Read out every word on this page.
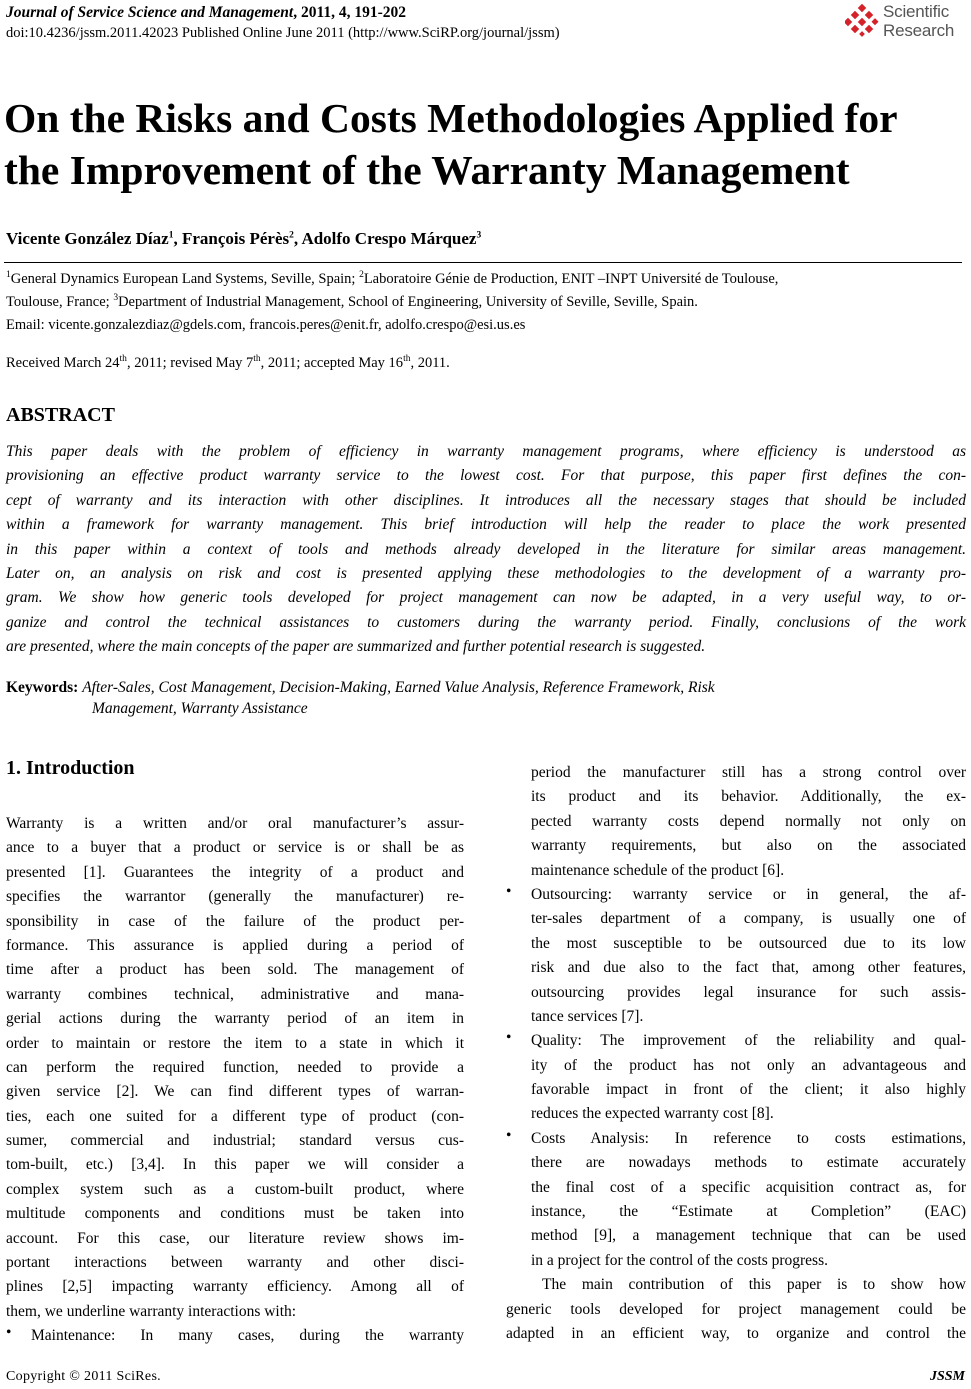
Journal of Service Science and Management, 2011, 4, 191-202
doi:10.4236/jssm.2011.42023 Published Online June 2011 (http://www.SciRP.org/journal/jssm)
Scientific
Research
On the Risks and Costs Methodologies Applied for
the Improvement of the Warranty Management
Vicente González Díaz$^1$, François Pérès$^2$, Adolfo Crespo Márquez$^3$
$^1$General Dynamics European Land Systems, Seville, Spain; $^2$Laboratoire Génie de Production, ENIT –INPT Université de Toulouse,
Toulouse, France; $^3$Department of Industrial Management, School of Engineering, University of Seville, Seville, Spain.
Email: vicente.gonzalezdiaz@gdels.com, francois.peres@enit.fr, adolfo.crespo@esi.us.es
Received March 24th, 2011; revised May 7th, 2011; accepted May 16th, 2011.
ABSTRACT
This paper deals with the problem of efficiency in warranty management programs, where efficiency is understood as
provisioning an effective product warranty service to the lowest cost. For that purpose, this paper first defines the con-
cept of warranty and its interaction with other disciplines. It introduces all the necessary stages that should be included
within a framework for warranty management. This brief introduction will help the reader to place the work presented
in this paper within a context of tools and methods already developed in the literature for similar areas management.
Later on, an analysis on risk and cost is presented applying these methodologies to the development of a warranty pro-
gram. We show how generic tools developed for project management can now be adapted, in a very useful way, to or-
ganize and control the technical assistances to customers during the warranty period. Finally, conclusions of the work
are presented, where the main concepts of the paper are summarized and further potential research is suggested.
Keywords: After-Sales, Cost Management, Decision-Making, Earned Value Analysis, Reference Framework, Risk
Management, Warranty Assistance
1. Introduction
Warranty is a written and/or oral manufacturer’s assur-
ance to a buyer that a product or service is or shall be as
presented [1]. Guarantees the integrity of a product and
specifies the warrantor (generally the manufacturer) re-
sponsibility in case of the failure of the product per-
formance. This assurance is applied during a period of
time after a product has been sold. The management of
warranty combines technical, administrative and mana-
gerial actions during the warranty period of an item in
order to maintain or restore the item to a state in which it
can perform the required function, needed to provide a
given service [2]. We can find different types of warran-
ties, each one suited for a different type of product (con-
sumer, commercial and industrial; standard versus cus-
tom-built, etc.) [3,4]. In this paper we will consider a
complex system such as a custom-built product, where
multitude components and conditions must be taken into
account. For this case, our literature review shows im-
portant interactions between warranty and other disci-
plines [2,5] impacting warranty efficiency. Among all of
them, we underline warranty interactions with:
•	Maintenance: In many cases, during the warranty
period the manufacturer still has a strong control over
its product and its behavior. Additionally, the ex-
pected warranty costs depend normally not only on
warranty requirements, but also on the associated
maintenance schedule of the product [6].
•	Outsourcing: warranty service or in general, the af-
ter-sales department of a company, is usually one of
the most susceptible to be outsourced due to its low
risk and due also to the fact that, among other features,
outsourcing provides legal insurance for such assis-
tance services [7].
•	Quality: The improvement of the reliability and qual-
ity of the product has not only an advantageous and
favorable impact in front of the client; it also highly
reduces the expected warranty cost [8].
•	Costs Analysis: In reference to costs estimations,
there are nowadays methods to estimate accurately
the final cost of a specific acquisition contract as, for
instance, the “Estimate at Completion” (EAC)
method [9], a management technique that can be used
in a project for the control of the costs progress.
The main contribution of this paper is to show how
generic tools developed for project management could be
adapted in an efficient way, to organize and control the
Copyright © 2011 SciRes.	JSSM
